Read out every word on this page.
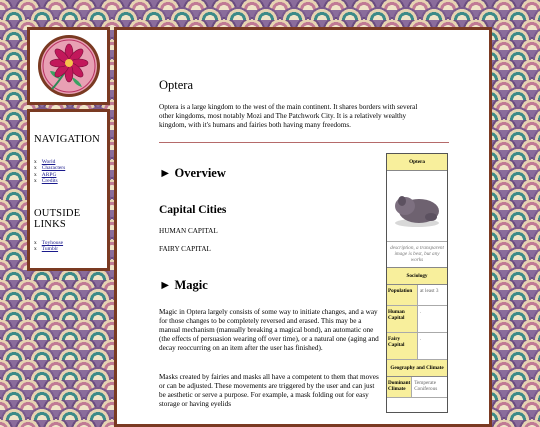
NAVIGATION
x World
x Characters
x ARPG
x Credits
OUTSIDE LINKS
x Toyhouse
x Tumblr
Optera

Optera is a large kingdom to the west of the main continent. It shares borders with several other kingdoms, most notably Mozi and The Patchwork City. It is a relatively wealthy kingdom, with it's humans and fairies both having many freedoms.

► Overview
Capital Cities

HUMAN CAPITAL

FAIRY CAPITAL

► Magic

Magic in Optera largely consists of some way to initiate changes, and a way for those changes to be completely reversed and erased. This may be a manual mechanism (manually breaking a magical bond), an automatic one (the effects of persuasion wearing off over time), or a natural one (aging and decay reoccurring on an item after the user has finished).

Masks created by fairies and masks all have a competent to them that moves or can be adjusted. These movements are triggered by the user and can just be aesthetic or serve a purpose. For example, a mask folding out for easy storage or having eyelids

Optera
description, a transparent image is best, but any works
Sociology
Population	at least 3
Human Capital
.
Fairy Capital
.
Geography and Climate
Dominant Climate
Temperate Coniferous
